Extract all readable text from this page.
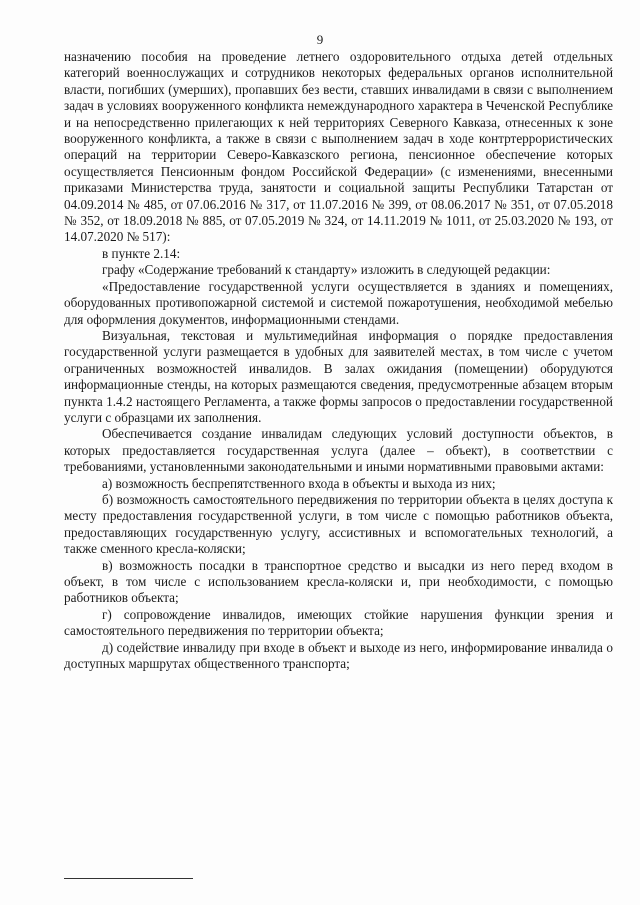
9

назначению пособия на проведение летнего оздоровительного отдыха детей отдельных категорий военнослужащих и сотрудников некоторых федеральных органов исполнительной власти, погибших (умерших), пропавших без вести, ставших инвалидами в связи с выполнением задач в условиях вооруженного конфликта немеждународного характера в Чеченской Республике и на непосредственно прилегающих к ней территориях Северного Кавказа, отнесенных к зоне вооруженного конфликта, а также в связи с выполнением задач в ходе контртеррористических операций на территории Северо-Кавказского региона, пенсионное обеспечение которых осуществляется Пенсионным фондом Российской Федерации» (с изменениями, внесенными приказами Министерства труда, занятости и социальной защиты Республики Татарстан от 04.09.2014 № 485, от 07.06.2016 № 317, от 11.07.2016 № 399, от 08.06.2017 № 351, от 07.05.2018 № 352, от 18.09.2018 № 885, от 07.05.2019 № 324, от 14.11.2019 № 1011, от 25.03.2020 № 193, от 14.07.2020 № 517):

в пункте 2.14:

графу «Содержание требований к стандарту» изложить в следующей редакции:

«Предоставление государственной услуги осуществляется в зданиях и помещениях, оборудованных противопожарной системой и системой пожаротушения, необходимой мебелью для оформления документов, информационными стендами.

Визуальная, текстовая и мультимедийная информация о порядке предоставления государственной услуги размещается в удобных для заявителей местах, в том числе с учетом ограниченных возможностей инвалидов. В залах ожидания (помещении) оборудуются информационные стенды, на которых размещаются сведения, предусмотренные абзацем вторым пункта 1.4.2 настоящего Регламента, а также формы запросов о предоставлении государственной услуги с образцами их заполнения.

Обеспечивается создание инвалидам следующих условий доступности объектов, в которых предоставляется государственная услуга (далее – объект), в соответствии с требованиями, установленными законодательными и иными нормативными правовыми актами:

а) возможность беспрепятственного входа в объекты и выхода из них;

б) возможность самостоятельного передвижения по территории объекта в целях доступа к месту предоставления государственной услуги, в том числе с помощью работников объекта, предоставляющих государственную услугу, ассистивных и вспомогательных технологий, а также сменного кресла-коляски;

в) возможность посадки в транспортное средство и высадки из него перед входом в объект, в том числе с использованием кресла-коляски и, при необходимости, с помощью работников объекта;

г) сопровождение инвалидов, имеющих стойкие нарушения функции зрения и самостоятельного передвижения по территории объекта;

д) содействие инвалиду при входе в объект и выходе из него, информирование инвалида о доступных маршрутах общественного транспорта;
